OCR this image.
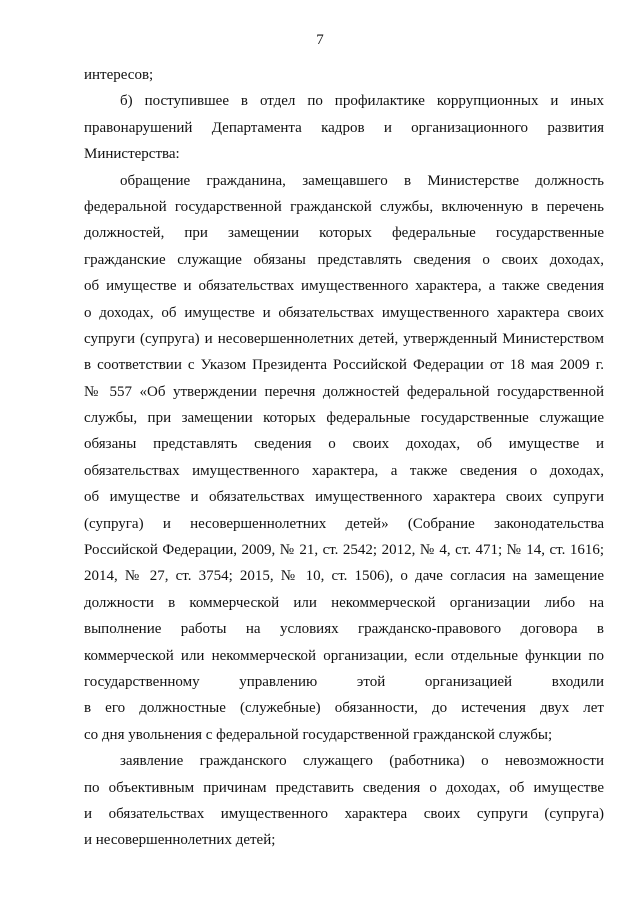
7
интересов;
б) поступившее в отдел по профилактике коррупционных и иных
правонарушений Департамента кадров и организационного развития
Министерства:
обращение гражданина, замещавшего в Министерстве должность
федеральной государственной гражданской службы, включенную в перечень
должностей, при замещении которых федеральные государственные
гражданские служащие обязаны представлять сведения о своих доходах,
об имуществе и обязательствах имущественного характера, а также сведения
о доходах, об имуществе и обязательствах имущественного характера своих
супруги (супруга) и несовершеннолетних детей, утвержденный Министерством
в соответствии с Указом Президента Российской Федерации от 18 мая 2009 г.
№ 557 «Об утверждении перечня должностей федеральной государственной
службы, при замещении которых федеральные государственные служащие
обязаны представлять сведения о своих доходах, об имуществе и
обязательствах имущественного характера, а также сведения о доходах,
об имуществе и обязательствах имущественного характера своих супруги
(супруга) и несовершеннолетних детей» (Собрание законодательства
Российской Федерации, 2009, № 21, ст. 2542; 2012, № 4, ст. 471; № 14, ст. 1616;
2014, № 27, ст. 3754; 2015, № 10, ст. 1506), о даче согласия на замещение
должности в коммерческой или некоммерческой организации либо на
выполнение работы на условиях гражданско-правового договора в
коммерческой или некоммерческой организации, если отдельные функции по
государственному управлению этой организацией входили
в его должностные (служебные) обязанности, до истечения двух лет
со дня увольнения с федеральной государственной гражданской службы;
заявление гражданского служащего (работника) о невозможности
по объективным причинам представить сведения о доходах, об имуществе
и обязательствах имущественного характера своих супруги (супруга)
и несовершеннолетних детей;
